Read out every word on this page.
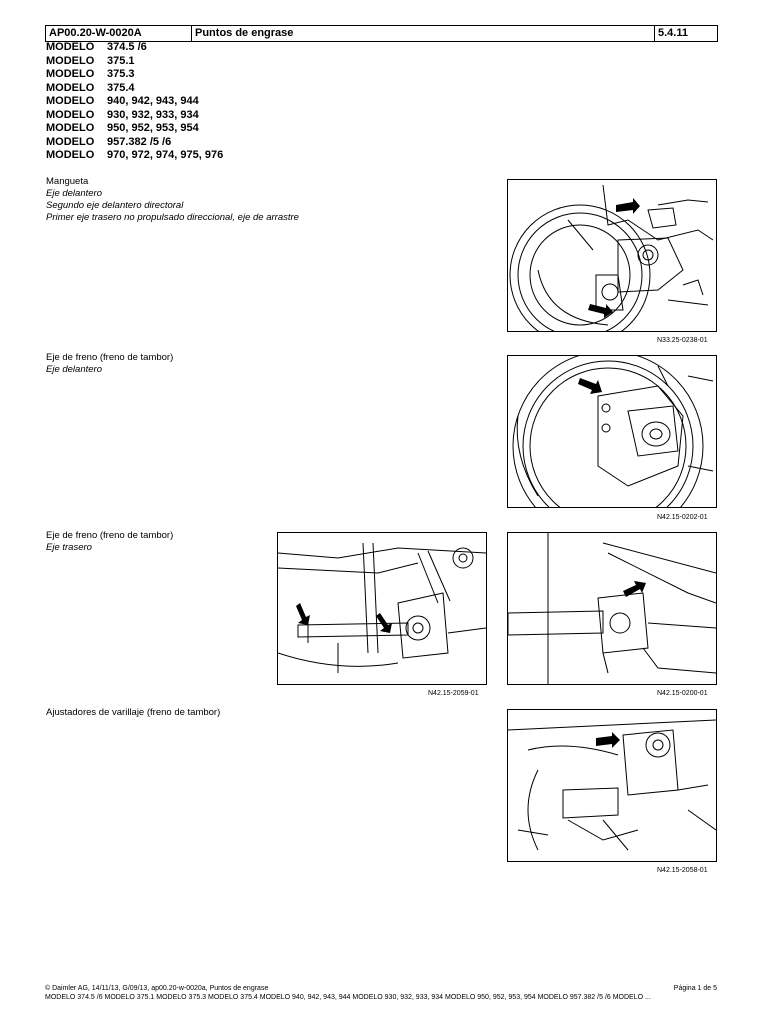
AP00.20-W-0020A	Puntos de engrase	5.4.11
MODELO	374.5 /6
MODELO	375.1
MODELO	375.3
MODELO	375.4
MODELO	940, 942, 943, 944
MODELO	930, 932, 933, 934
MODELO	950, 952, 953, 954
MODELO	957.382 /5 /6
MODELO	970, 972, 974, 975, 976
Mangueta
Eje delantero
Segundo eje delantero directoral
Primer eje trasero no propulsado direccional, eje de arrastre
N33.25-0238-01
Eje de freno (freno de tambor)
Eje delantero
N42.15-0202-01
Eje de freno (freno de tambor)
Eje trasero
N42.15-2059-01	N42.15-0200-01
Ajustadores de varillaje (freno de tambor)
N42.15-2058-01
© Daimler AG, 14/11/13, G/09/13, ap00.20-w-0020a, Puntos de engrase	Página 1 de 5
MODELO 374.5 /6 MODELO 375.1 MODELO 375.3 MODELO 375.4 MODELO 940, 942, 943, 944 MODELO 930, 932, 933, 934 MODELO 950, 952, 953, 954 MODELO 957.382 /5 /6 MODELO ...
